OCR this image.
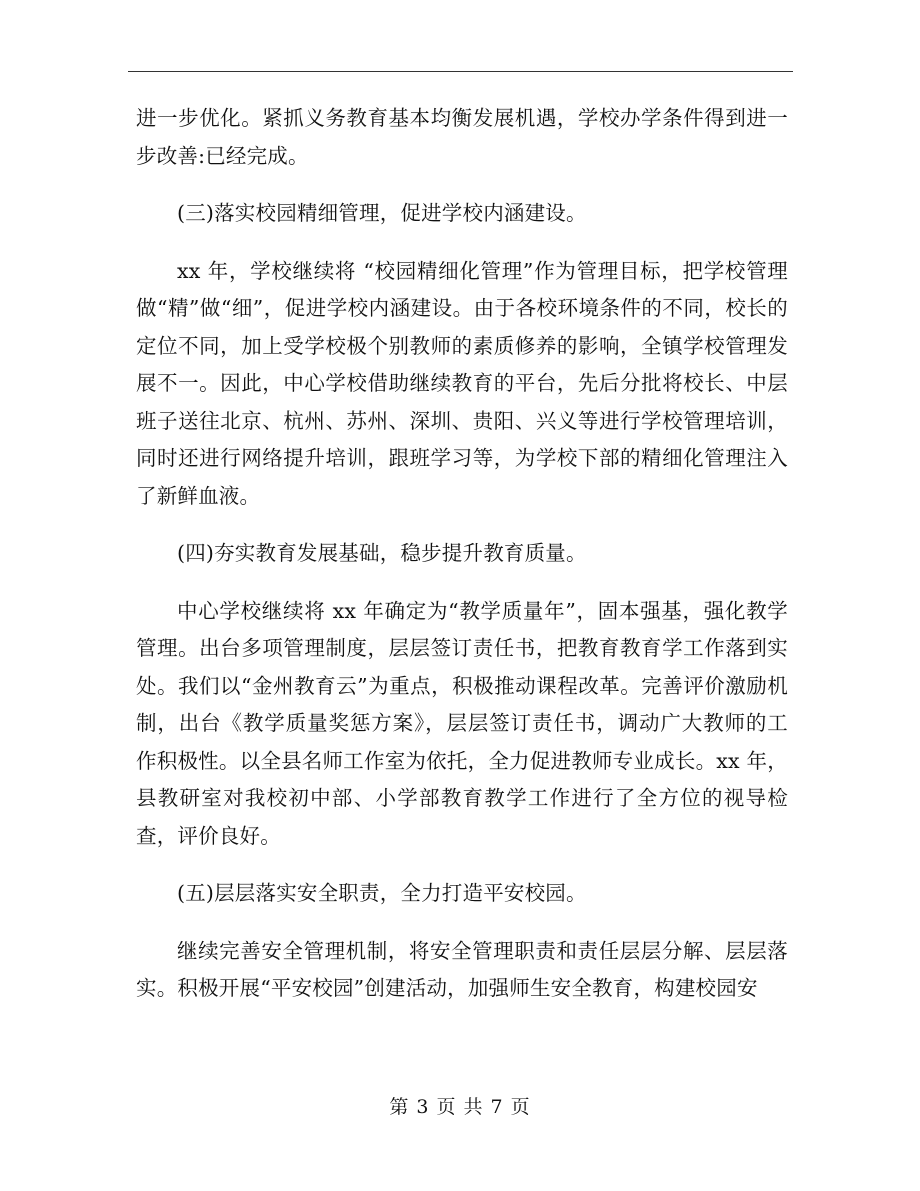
进一步优化。紧抓义务教育基本均衡发展机遇，学校办学条件得到进一步改善:已经完成。

(三)落实校园精细管理，促进学校内涵建设。

xx 年，学校继续将 “校园精细化管理”作为管理目标，把学校管理做“精”做“细”，促进学校内涵建设。由于各校环境条件的不同，校长的定位不同，加上受学校极个别教师的素质修养的影响，全镇学校管理发展不一。因此，中心学校借助继续教育的平台，先后分批将校长、中层班子送往北京、杭州、苏州、深圳、贵阳、兴义等进行学校管理培训，同时还进行网络提升培训，跟班学习等，为学校下部的精细化管理注入了新鲜血液。

(四)夯实教育发展基础，稳步提升教育质量。

中心学校继续将 xx 年确定为“教学质量年”，固本强基，强化教学管理。出台多项管理制度，层层签订责任书，把教育教育学工作落到实处。我们以“金州教育云”为重点，积极推动课程改革。完善评价激励机制，出台《教学质量奖惩方案》，层层签订责任书，调动广大教师的工作积极性。以全县名师工作室为依托，全力促进教师专业成长。xx 年，县教研室对我校初中部、小学部教育教学工作进行了全方位的视导检查，评价良好。

(五)层层落实安全职责，全力打造平安校园。

继续完善安全管理机制，将安全管理职责和责任层层分解、层层落实。积极开展“平安校园”创建活动，加强师生安全教育，构建校园安

第 3 页 共 7 页
